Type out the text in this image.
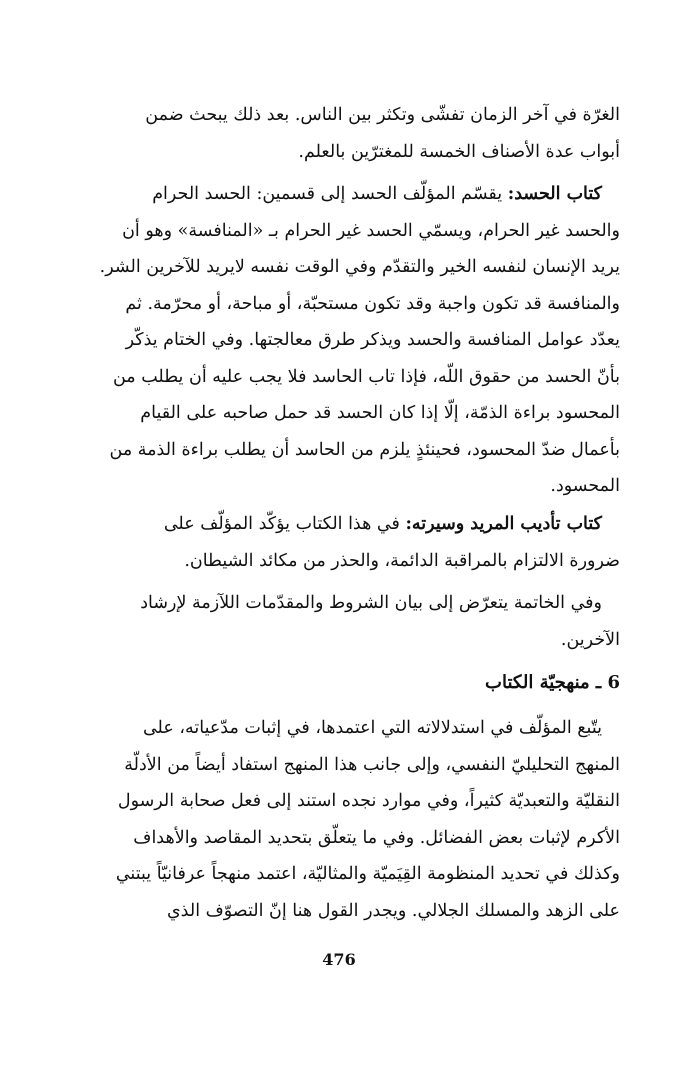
الغرّة في آخر الزمان تفشّى وتكثر بين الناس. بعد ذلك يبحث ضمن
أبواب عدة الأصناف الخمسة للمغترّين بالعلم.
كتاب الحسد: يقسّم المؤلّف الحسد إلى قسمين: الحسد الحرام
والحسد غير الحرام، ويسمّي الحسد غير الحرام بـ «المنافسة» وهو أن
يريد الإنسان لنفسه الخير والتقدّم وفي الوقت نفسه لايريد للآخرين الشر.
والمنافسة قد تكون واجبة وقد تكون مستحبّة، أو مباحة، أو محرّمة. ثم
يعدّد عوامل المنافسة والحسد ويذكر طرق معالجتها. وفي الختام يذكّر
بأنّ الحسد من حقوق اللّه، فإذا تاب الحاسد فلا يجب عليه أن يطلب من
المحسود براءة الذمّة، إلّا إذا كان الحسد قد حمل صاحبه على القيام
بأعمال ضدّ المحسود، فحينئذٍ يلزم من الحاسد أن يطلب براءة الذمة من
المحسود.
كتاب تأديب المريد وسيرته: في هذا الكتاب يؤكّد المؤلّف على
ضرورة الالتزام بالمراقبة الدائمة، والحذر من مكائد الشيطان.
وفي الخاتمة يتعرّض إلى بيان الشروط والمقدّمات اللآزمة لإرشاد
الآخرين.
6 ـ منهجيّة الكتاب
يتّبع المؤلّف في استدلالاته التي اعتمدها، في إثبات مدّعياته، على
المنهج التحليليّ النفسي، وإلى جانب هذا المنهج استفاد أيضاً من الأدلّة
النقليّة والتعبديّة كثيراً، وفي موارد نجده استند إلى فعل صحابة الرسول
الأكرم لإثبات بعض الفضائل. وفي ما يتعلّق بتحديد المقاصد والأهداف
وكذلك في تحديد المنظومة القِيَميّة والمثاليّة، اعتمد منهجاً عرفانيّاً يبتني
على الزهد والمسلك الجلالي. ويجدر القول هنا إنّ التصوّف الذي
476
